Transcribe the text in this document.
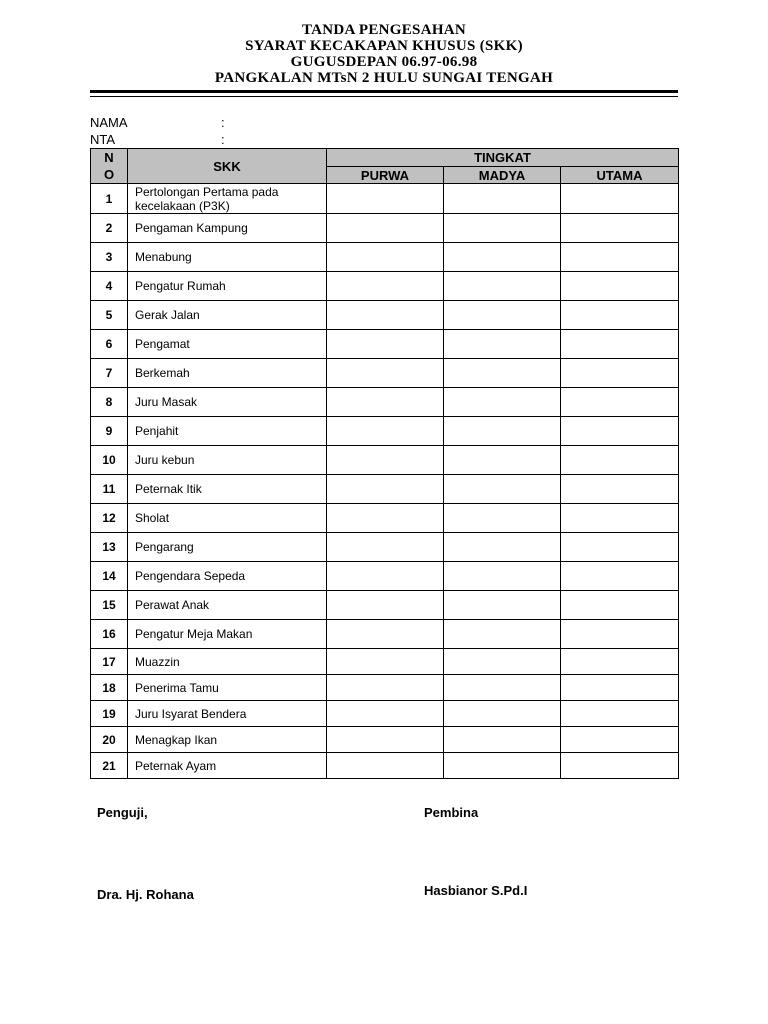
TANDA PENGESAHAN
SYARAT KECAKAPAN KHUSUS (SKK)
GUGUSDEPAN 06.97-06.98
PANGKALAN MTsN 2 HULU SUNGAI TENGAH
NAMA	:
NTA	:
N
O	SKK	TINGKAT		
		PURWA	MADYA	UTAMA
1	Pertolongan Pertama pada kecelakaan (P3K)			
2	Pengaman Kampung			
3	Menabung			
4	Pengatur Rumah			
5	Gerak Jalan			
6	Pengamat			
7	Berkemah			
8	Juru Masak			
9	Penjahit			
10	Juru kebun			
11	Peternak Itik			
12	Sholat			
13	Pengarang			
14	Pengendara Sepeda			
15	Perawat Anak			
16	Pengatur Meja Makan			
17	Muazzin			
18	Penerima Tamu			
19	Juru Isyarat Bendera			
20	Menagkap Ikan			
21	Peternak Ayam			
Penguji,	Pembina
Dra. Hj. Rohana	Hasbianor S.Pd.I
